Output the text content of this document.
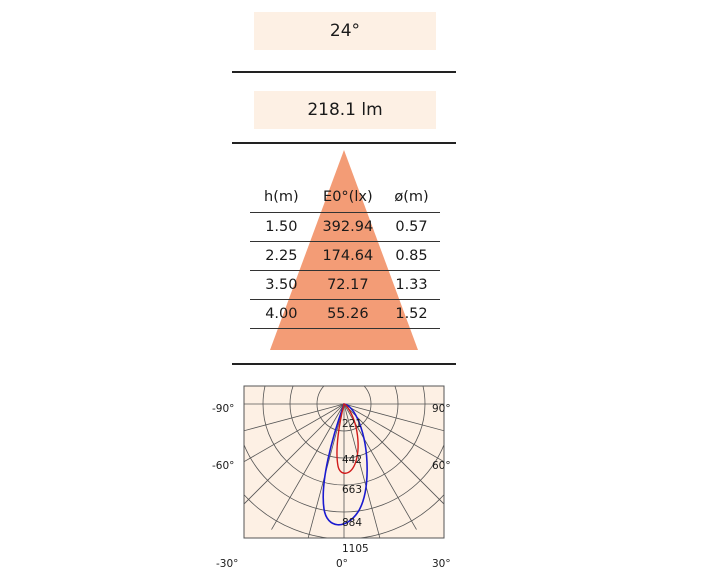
24°
218.1 lm
h(m)	E0°(lx)	ø(m)
1.50	392.94	0.57
2.25	174.64	0.85
3.50	72.17	1.33
4.00	55.26	1.52
221
442
663
884
1105
-90°
-60°
-30°
90°
60°
30°
0°
